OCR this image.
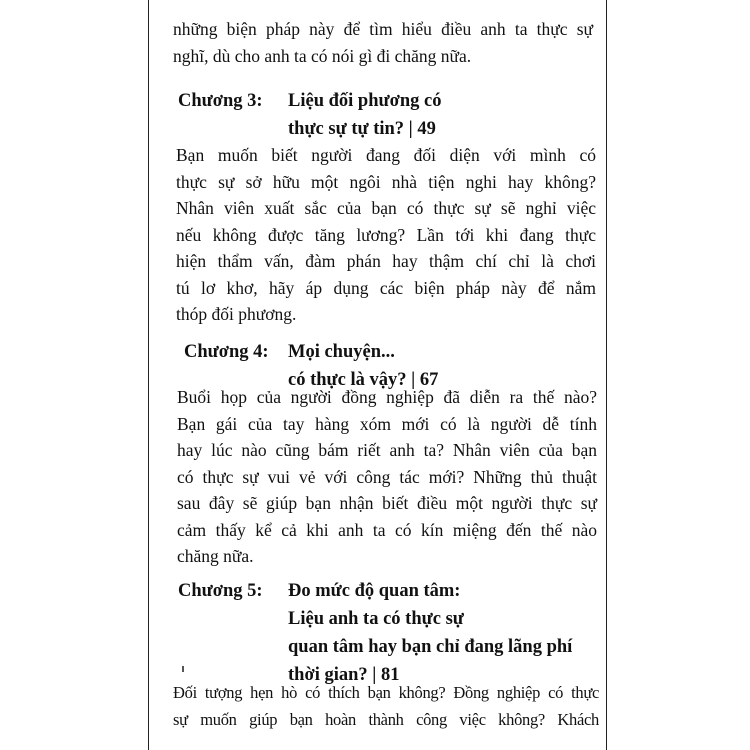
những biện pháp này để tìm hiểu điều anh ta thực sự
nghĩ, dù cho anh ta có nói gì đi chăng nữa.
Chương 3: Liệu đối phương có
thực sự tự tin? | 49
Bạn muốn biết người đang đối diện với mình có
thực sự sở hữu một ngôi nhà tiện nghi hay không?
Nhân viên xuất sắc của bạn có thực sự sẽ nghỉ việc
nếu không được tăng lương? Lần tới khi đang thực
hiện thẩm vấn, đàm phán hay thậm chí chỉ là chơi
tú lơ khơ, hãy áp dụng các biện pháp này để nắm
thóp đối phương.
Chương 4: Mọi chuyện...
có thực là vậy? | 67
Buổi họp của người đồng nghiệp đã diễn ra thế nào?
Bạn gái của tay hàng xóm mới có là người dễ tính
hay lúc nào cũng bám riết anh ta? Nhân viên của bạn
có thực sự vui vẻ với công tác mới? Những thủ thuật
sau đây sẽ giúp bạn nhận biết điều một người thực sự
cảm thấy kể cả khi anh ta có kín miệng đến thế nào
chăng nữa.
Chương 5: Đo mức độ quan tâm:
Liệu anh ta có thực sự
quan tâm hay bạn chỉ đang lãng phí
thời gian? | 81
Đối tượng hẹn hò có thích bạn không? Đồng nghiệp có thực
sự muốn giúp bạn hoàn thành công việc không? Khách
